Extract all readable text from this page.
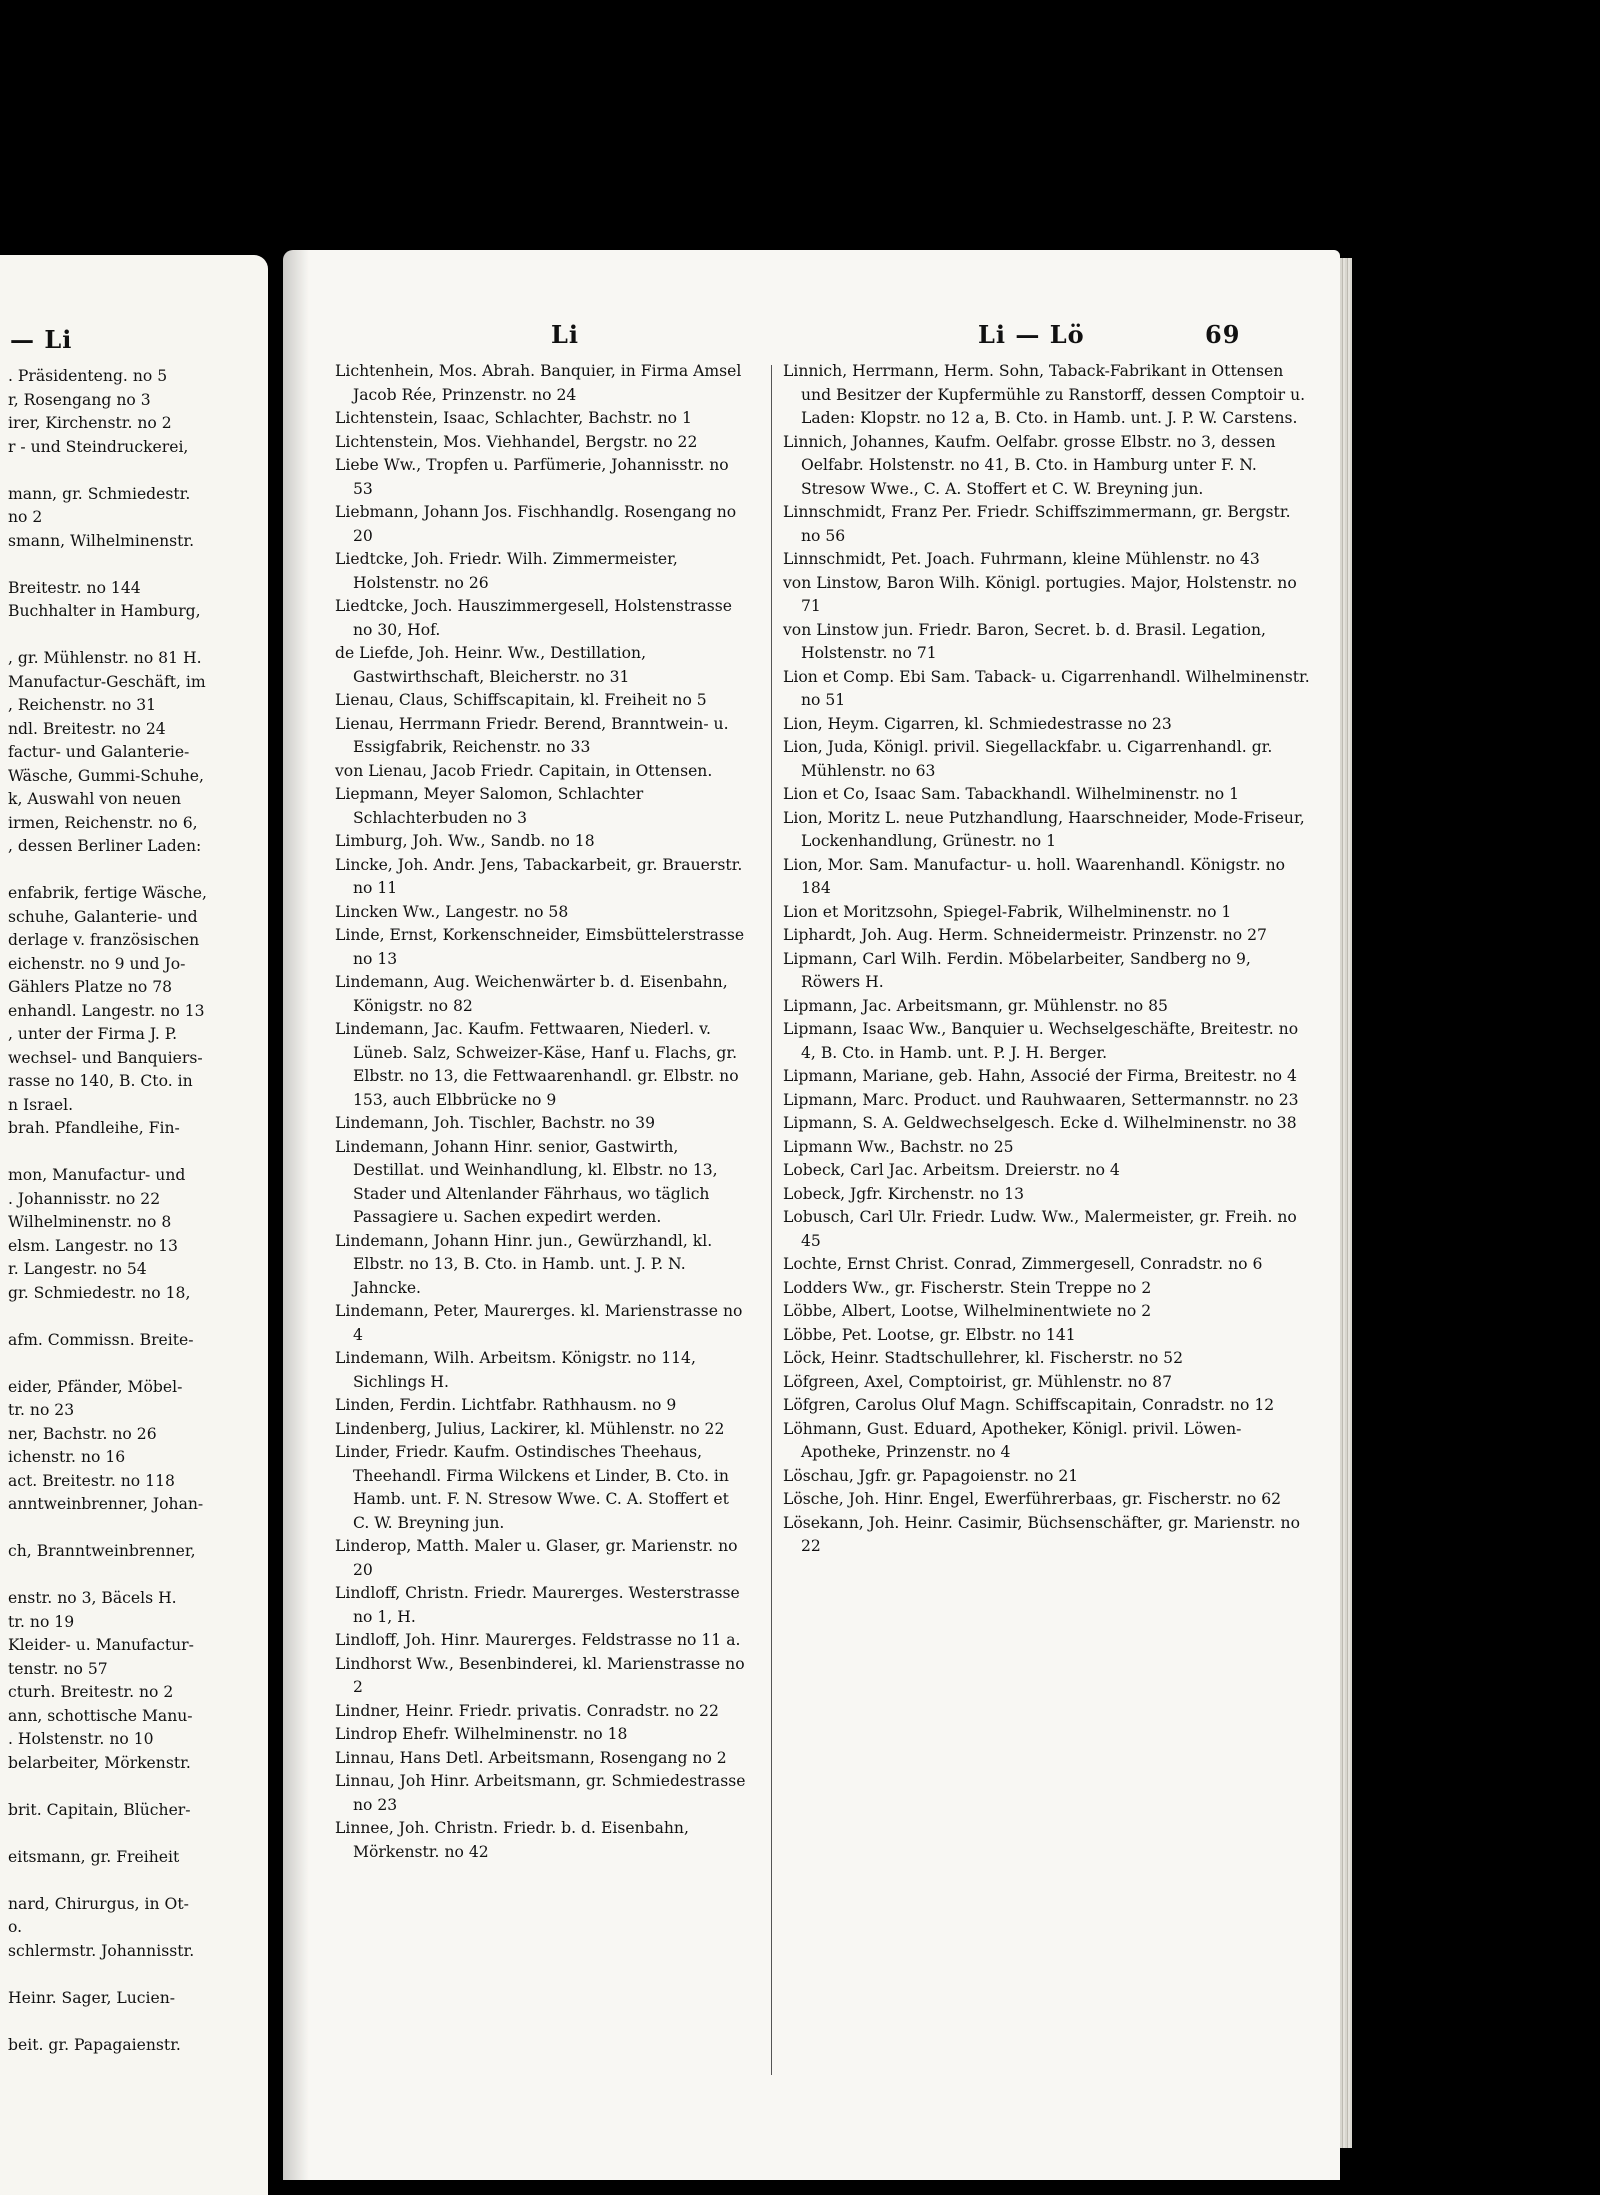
— Li

. Präsidenteng. no 5

r, Rosengang no 3

irer, Kirchenstr. no 2

r - und Steindruckerei,

mann, gr. Schmiedestr.

no 2

smann, Wilhelminenstr.

Breitestr. no 144

Buchhalter in Hamburg,

, gr. Mühlenstr. no 81 H.

Manufactur-Geschäft, im

, Reichenstr. no 31

ndl. Breitestr. no 24

factur- und Galanterie-

Wäsche, Gummi-Schuhe,

k, Auswahl von neuen

irmen, Reichenstr. no 6,

, dessen Berliner Laden:

enfabrik, fertige Wäsche,

schuhe, Galanterie- und

derlage v. französischen

eichenstr. no 9 und Jo-

Gählers Platze no 78

enhandl. Langestr. no 13

, unter der Firma J. P.

wechsel- und Banquiers-

rasse no 140, B. Cto. in

n Israel.

brah. Pfandleihe, Fin-

mon, Manufactur- und

. Johannisstr. no 22

Wilhelminenstr. no 8

elsm. Langestr. no 13

r. Langestr. no 54

gr. Schmiedestr. no 18,

afm. Commissn. Breite-

eider, Pfänder, Möbel-

tr. no 23

ner, Bachstr. no 26

ichenstr. no 16

act. Breitestr. no 118

anntweinbrenner, Johan-

ch, Branntweinbrenner,

enstr. no 3, Bäcels H.

tr. no 19

Kleider- u. Manufactur-

tenstr. no 57

cturh. Breitestr. no 2

ann, schottische Manu-

. Holstenstr. no 10

belarbeiter, Mörkenstr.

brit. Capitain, Blücher-

eitsmann, gr. Freiheit

nard, Chirurgus, in Ot-

o.

schlermstr. Johannisstr.

Heinr. Sager, Lucien-

beit. gr. Papagaienstr.

Li	Li — Lö	69

Lichtenhein, Mos. Abrah. Banquier, in Firma Amsel Jacob Rée, Prinzenstr. no 24

Lichtenstein, Isaac, Schlachter, Bachstr. no 1

Lichtenstein, Mos. Viehhandel, Bergstr. no 22

Liebe Ww., Tropfen u. Parfümerie, Johannisstr. no 53

Liebmann, Johann Jos. Fischhandlg. Rosengang no 20

Liedtcke, Joh. Friedr. Wilh. Zimmermeister, Holstenstr. no 26

Liedtcke, Joch. Hauszimmergesell, Holstenstrasse no 30, Hof.

de Liefde, Joh. Heinr. Ww., Destillation, Gastwirthschaft, Bleicherstr. no 31

Lienau, Claus, Schiffscapitain, kl. Freiheit no 5

Lienau, Herrmann Friedr. Berend, Branntwein- u. Essigfabrik, Reichenstr. no 33

von Lienau, Jacob Friedr. Capitain, in Ottensen.

Liepmann, Meyer Salomon, Schlachter Schlachterbuden no 3

Limburg, Joh. Ww., Sandb. no 18

Lincke, Joh. Andr. Jens, Tabackarbeit, gr. Brauerstr. no 11

Lincken Ww., Langestr. no 58

Linde, Ernst, Korkenschneider, Eimsbüttelerstrasse no 13

Lindemann, Aug. Weichenwärter b. d. Eisenbahn, Königstr. no 82

Lindemann, Jac. Kaufm. Fettwaaren, Niederl. v. Lüneb. Salz, Schweizer-Käse, Hanf u. Flachs, gr. Elbstr. no 13, die Fettwaarenhandl. gr. Elbstr. no 153, auch Elbbrücke no 9

Lindemann, Joh. Tischler, Bachstr. no 39

Lindemann, Johann Hinr. senior, Gastwirth, Destillat. und Weinhandlung, kl. Elbstr. no 13, Stader und Altenlander Fährhaus, wo täglich Passagiere u. Sachen expedirt werden.

Lindemann, Johann Hinr. jun., Gewürzhandl, kl. Elbstr. no 13, B. Cto. in Hamb. unt. J. P. N. Jahncke.

Lindemann, Peter, Maurerges. kl. Marienstrasse no 4

Lindemann, Wilh. Arbeitsm. Königstr. no 114, Sichlings H.

Linden, Ferdin. Lichtfabr. Rathhausm. no 9

Lindenberg, Julius, Lackirer, kl. Mühlenstr. no 22

Linder, Friedr. Kaufm. Ostindisches Theehaus, Theehandl. Firma Wilckens et Linder, B. Cto. in Hamb. unt. F. N. Stresow Wwe. C. A. Stoffert et C. W. Breyning jun.

Linderop, Matth. Maler u. Glaser, gr. Marienstr. no 20

Lindloff, Christn. Friedr. Maurerges. Westerstrasse no 1, H.

Lindloff, Joh. Hinr. Maurerges. Feldstrasse no 11 a.

Lindhorst Ww., Besenbinderei, kl. Marienstrasse no 2

Lindner, Heinr. Friedr. privatis. Conradstr. no 22

Lindrop Ehefr. Wilhelminenstr. no 18

Linnau, Hans Detl. Arbeitsmann, Rosengang no 2

Linnau, Joh Hinr. Arbeitsmann, gr. Schmiedestrasse no 23

Linnee, Joh. Christn. Friedr. b. d. Eisenbahn, Mörkenstr. no 42

Linnich, Herrmann, Herm. Sohn, Taback-Fabrikant in Ottensen und Besitzer der Kupfermühle zu Ranstorff, dessen Comptoir u. Laden: Klopstr. no 12 a, B. Cto. in Hamb. unt. J. P. W. Carstens.

Linnich, Johannes, Kaufm. Oelfabr. grosse Elbstr. no 3, dessen Oelfabr. Holstenstr. no 41, B. Cto. in Hamburg unter F. N. Stresow Wwe., C. A. Stoffert et C. W. Breyning jun.

Linnschmidt, Franz Per. Friedr. Schiffszimmermann, gr. Bergstr. no 56

Linnschmidt, Pet. Joach. Fuhrmann, kleine Mühlenstr. no 43

von Linstow, Baron Wilh. Königl. portugies. Major, Holstenstr. no 71

von Linstow jun. Friedr. Baron, Secret. b. d. Brasil. Legation, Holstenstr. no 71

Lion et Comp. Ebi Sam. Taback- u. Cigarrenhandl. Wilhelminenstr. no 51

Lion, Heym. Cigarren, kl. Schmiedestrasse no 23

Lion, Juda, Königl. privil. Siegellackfabr. u. Cigarrenhandl. gr. Mühlenstr. no 63

Lion et Co, Isaac Sam. Tabackhandl. Wilhelminenstr. no 1

Lion, Moritz L. neue Putzhandlung, Haarschneider, Mode-Friseur, Lockenhandlung, Grünestr. no 1

Lion, Mor. Sam. Manufactur- u. holl. Waarenhandl. Königstr. no 184

Lion et Moritzsohn, Spiegel-Fabrik, Wilhelminenstr. no 1

Liphardt, Joh. Aug. Herm. Schneidermeistr. Prinzenstr. no 27

Lipmann, Carl Wilh. Ferdin. Möbelarbeiter, Sandberg no 9, Röwers H.

Lipmann, Jac. Arbeitsmann, gr. Mühlenstr. no 85

Lipmann, Isaac Ww., Banquier u. Wechselgeschäfte, Breitestr. no 4, B. Cto. in Hamb. unt. P. J. H. Berger.

Lipmann, Mariane, geb. Hahn, Associé der Firma, Breitestr. no 4

Lipmann, Marc. Product. und Rauhwaaren, Settermannstr. no 23

Lipmann, S. A. Geldwechselgesch. Ecke d. Wilhelminenstr. no 38

Lipmann Ww., Bachstr. no 25

Lobeck, Carl Jac. Arbeitsm. Dreierstr. no 4

Lobeck, Jgfr. Kirchenstr. no 13

Lobusch, Carl Ulr. Friedr. Ludw. Ww., Malermeister, gr. Freih. no 45

Lochte, Ernst Christ. Conrad, Zimmergesell, Conradstr. no 6

Lodders Ww., gr. Fischerstr. Stein Treppe no 2

Löbbe, Albert, Lootse, Wilhelminentwiete no 2

Löbbe, Pet. Lootse, gr. Elbstr. no 141

Löck, Heinr. Stadtschullehrer, kl. Fischerstr. no 52

Löfgreen, Axel, Comptoirist, gr. Mühlenstr. no 87

Löfgren, Carolus Oluf Magn. Schiffscapitain, Conradstr. no 12

Löhmann, Gust. Eduard, Apotheker, Königl. privil. Löwen-Apotheke, Prinzenstr. no 4

Löschau, Jgfr. gr. Papagoienstr. no 21

Lösche, Joh. Hinr. Engel, Ewerführerbaas, gr. Fischerstr. no 62

Lösekann, Joh. Heinr. Casimir, Büchsenschäfter, gr. Marienstr. no 22
